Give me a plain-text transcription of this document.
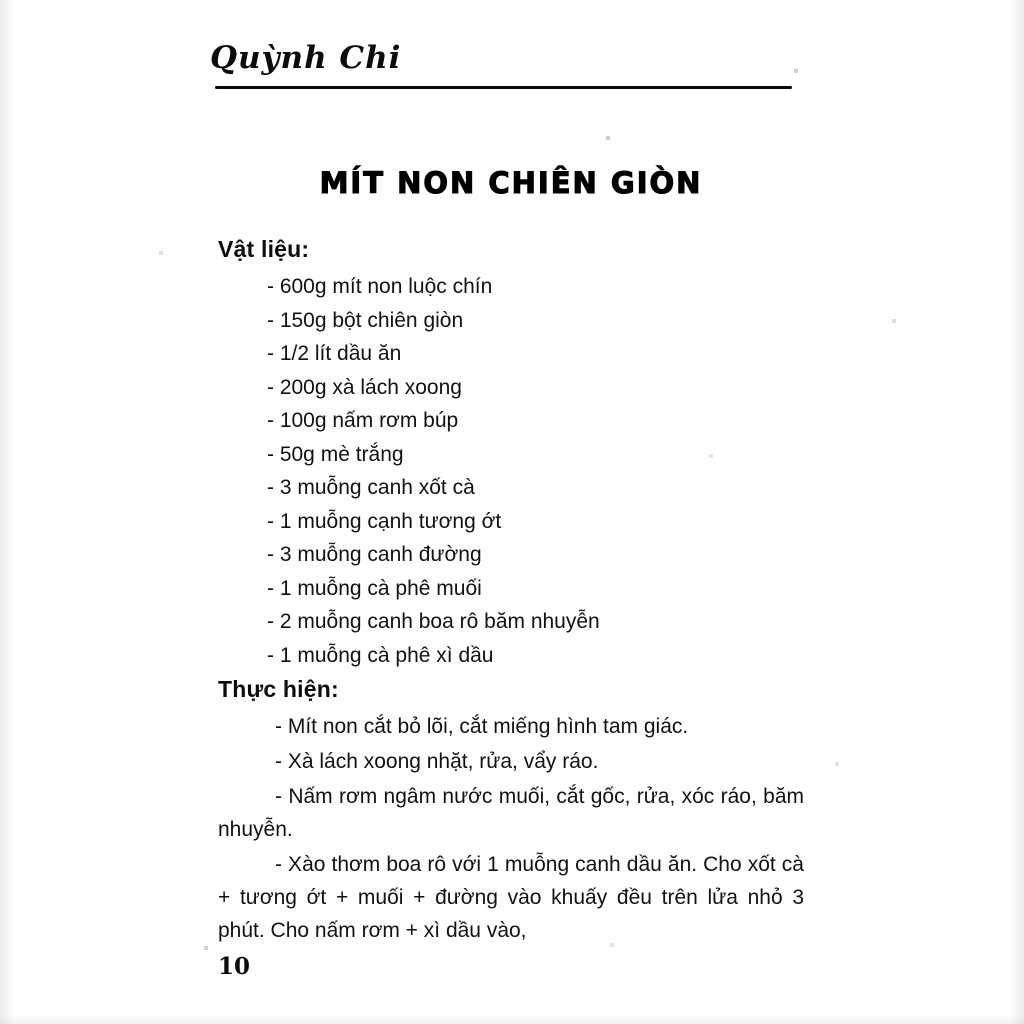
Quỳnh Chi
MÍT NON CHIÊN GIÒN
Vật liệu:
- 600g mít non luộc chín
- 150g bột chiên giòn
- 1/2 lít dầu ăn
- 200g xà lách xoong
- 100g nấm rơm búp
- 50g mè trắng
- 3 muỗng canh xốt cà
- 1 muỗng cạnh tương ớt
- 3 muỗng canh đường
- 1 muỗng cà phê muối
- 2 muỗng canh boa rô băm nhuyễn
- 1 muỗng cà phê xì dầu
Thực hiện:

- Mít non cắt bỏ lõi, cắt miếng hình tam giác.

- Xà lách xoong nhặt, rửa, vẩy ráo.

- Nấm rơm ngâm nước muối, cắt gốc, rửa, xóc ráo, băm nhuyễn.

- Xào thơm boa rô với 1 muỗng canh dầu ăn. Cho xốt cà + tương ớt + muối + đường vào khuấy đều trên lửa nhỏ 3 phút. Cho nấm rơm + xì dầu vào,

10
